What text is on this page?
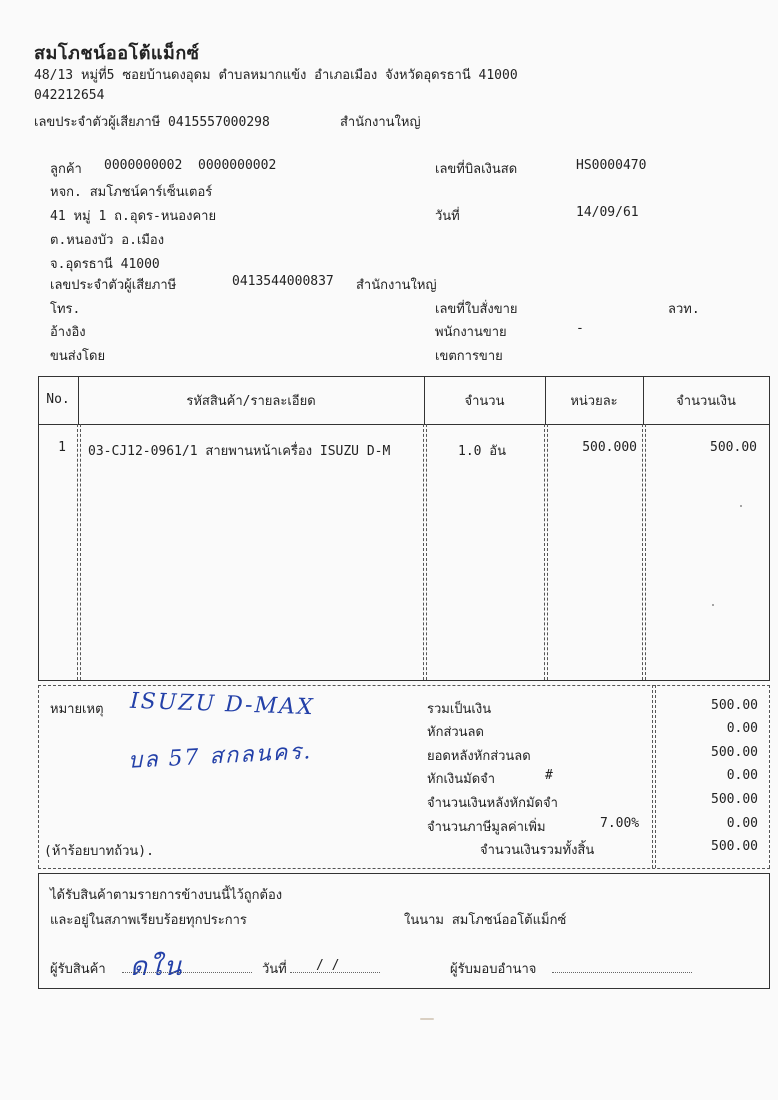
สมโภชน์ออโต้แม็กซ์
48/13 หมู่ที่5 ซอยบ้านดงอุดม ตำบลหมากแข้ง อำเภอเมือง จังหวัดอุดรธานี 41000
042212654
เลขประจำตัวผู้เสียภาษี 0415557000298	สำนักงานใหญ่
ลูกค้า 0000000002 0000000002
หจก. สมโภชน์คาร์เซ็นเตอร์
41 หมู่ 1 ถ.อุดร-หนองคาย
ต.หนองบัว อ.เมือง
จ.อุดรธานี 41000
เลขประจำตัวผู้เสียภาษี	0413544000837 สำนักงานใหญ่
โทร.
อ้างอิง
ขนส่งโดย
เลขที่บิลเงินสด	HS0000470
วันที่	14/09/61
เลขที่ใบสั่งขาย	ลวท.
พนักงานขาย	-
เขตการขาย
No.	รหัสสินค้า/รายละเอียด	จำนวน	หน่วยละ	จำนวนเงิน
1 03-CJ12-0961/1 สายพานหน้าเครื่อง ISUZU D-M	1.0 อัน	500.000	500.00
หมายเหตุ ISUZU D-MAX
บล 57 สกลนคร.
(ห้าร้อยบาทถ้วน).
รวมเป็นเงิน	500.00
หักส่วนลด	0.00
ยอดหลังหักส่วนลด	500.00
หักเงินมัดจำ	#	0.00
จำนวนเงินหลังหักมัดจำ	500.00
จำนวนภาษีมูลค่าเพิ่ม	7.00%	0.00
จำนวนเงินรวมทั้งสิ้น	500.00
ได้รับสินค้าตามรายการข้างบนนี้ไว้ถูกต้อง
และอยู่ในสภาพเรียบร้อยทุกประการ	ในนาม สมโภชน์ออโต้แม็กซ์
ผู้รับสินค้า ดใน	วันที่ / /	ผู้รับมอบอำนาจ
